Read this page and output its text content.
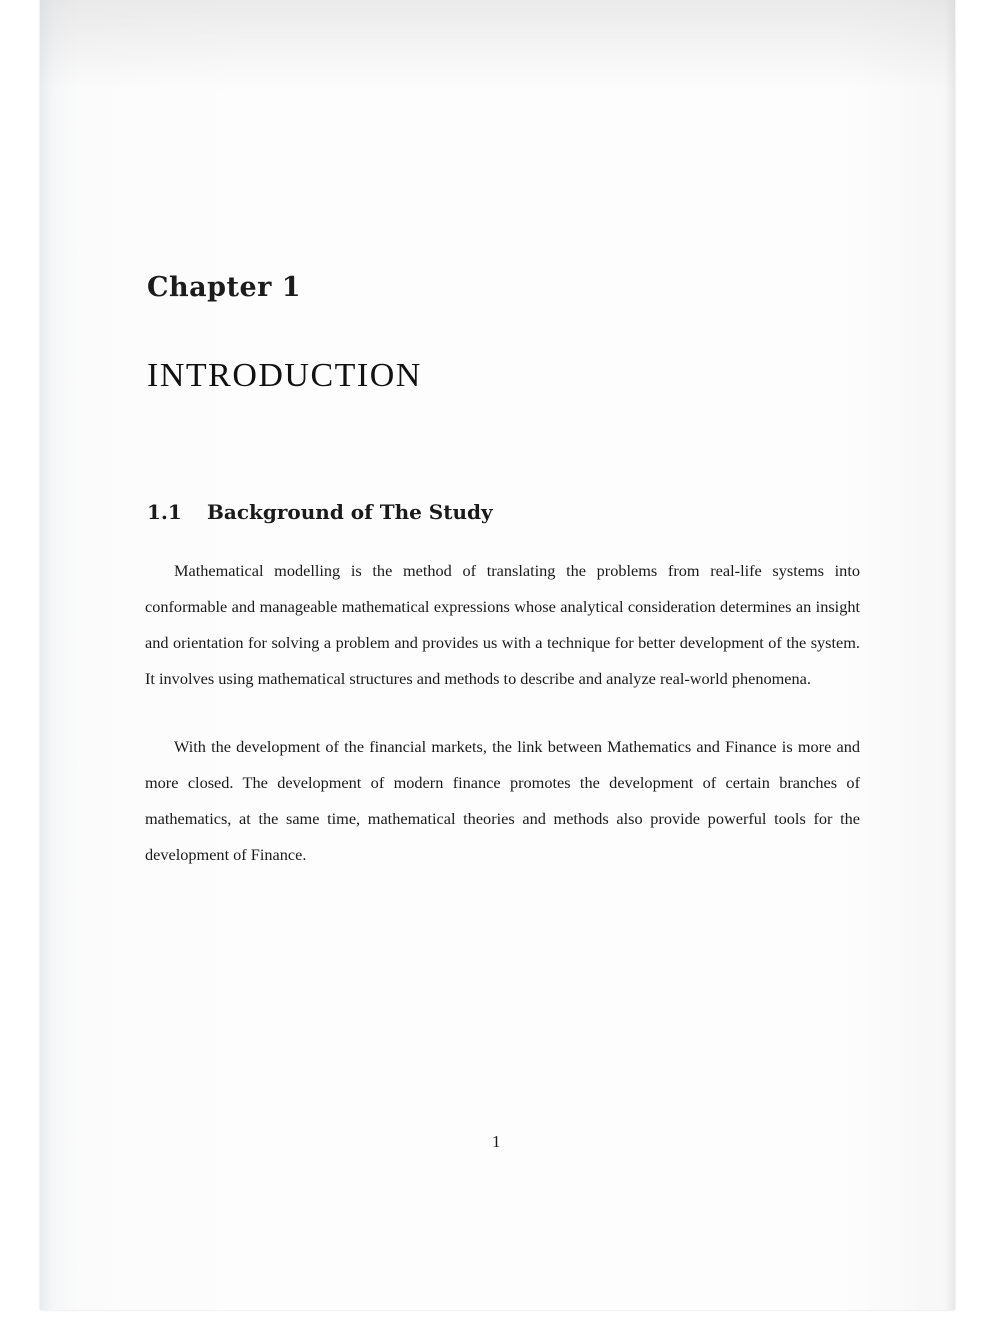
Chapter 1
INTRODUCTION
1.1 Background of The Study

Mathematical modelling is the method of translating the problems from real-life systems into conformable and manageable mathematical expressions whose analytical consideration determines an insight and orientation for solving a problem and provides us with a technique for better development of the system. It involves using mathematical structures and methods to describe and analyze real-world phenomena.

With the development of the financial markets, the link between Mathematics and Finance is more and more closed. The development of modern finance promotes the development of certain branches of mathematics, at the same time, mathematical theories and methods also provide powerful tools for the development of Finance.

1
